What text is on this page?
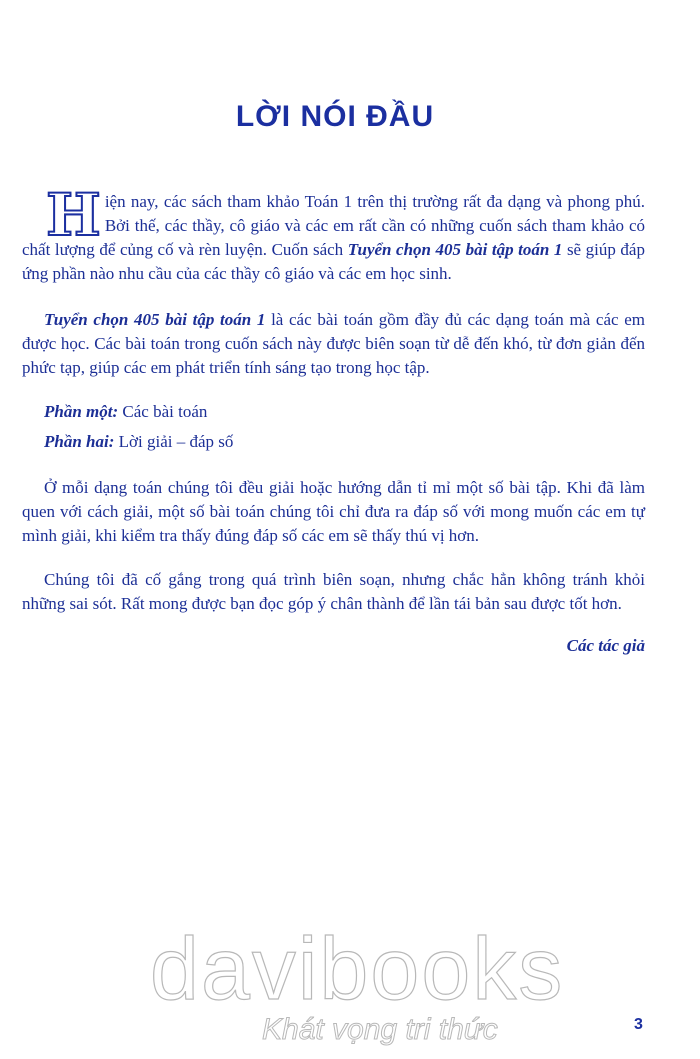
LỜI NÓI ĐẦU

Hiện nay, các sách tham khảo Toán 1 trên thị trường rất đa dạng và phong phú. Bởi thế, các thầy, cô giáo và các em rất cần có những cuốn sách tham khảo có chất lượng để củng cố và rèn luyện. Cuốn sách Tuyển chọn 405 bài tập toán 1 sẽ giúp đáp ứng phần nào nhu cầu của các thầy cô giáo và các em học sinh.

Tuyển chọn 405 bài tập toán 1 là các bài toán gồm đầy đủ các dạng toán mà các em được học. Các bài toán trong cuốn sách này được biên soạn từ dễ đến khó, từ đơn giản đến phức tạp, giúp các em phát triển tính sáng tạo trong học tập.

Phần một: Các bài toán

Phần hai: Lời giải – đáp số

Ở mỗi dạng toán chúng tôi đều giải hoặc hướng dẫn tỉ mỉ một số bài tập. Khi đã làm quen với cách giải, một số bài toán chúng tôi chỉ đưa ra đáp số với mong muốn các em tự mình giải, khi kiểm tra thấy đúng đáp số các em sẽ thấy thú vị hơn.

Chúng tôi đã cố gắng trong quá trình biên soạn, nhưng chắc hẳn không tránh khỏi những sai sót. Rất mong được bạn đọc góp ý chân thành để lần tái bản sau được tốt hơn.

Các tác giả
davibooks
Khát vọng tri thức	3
